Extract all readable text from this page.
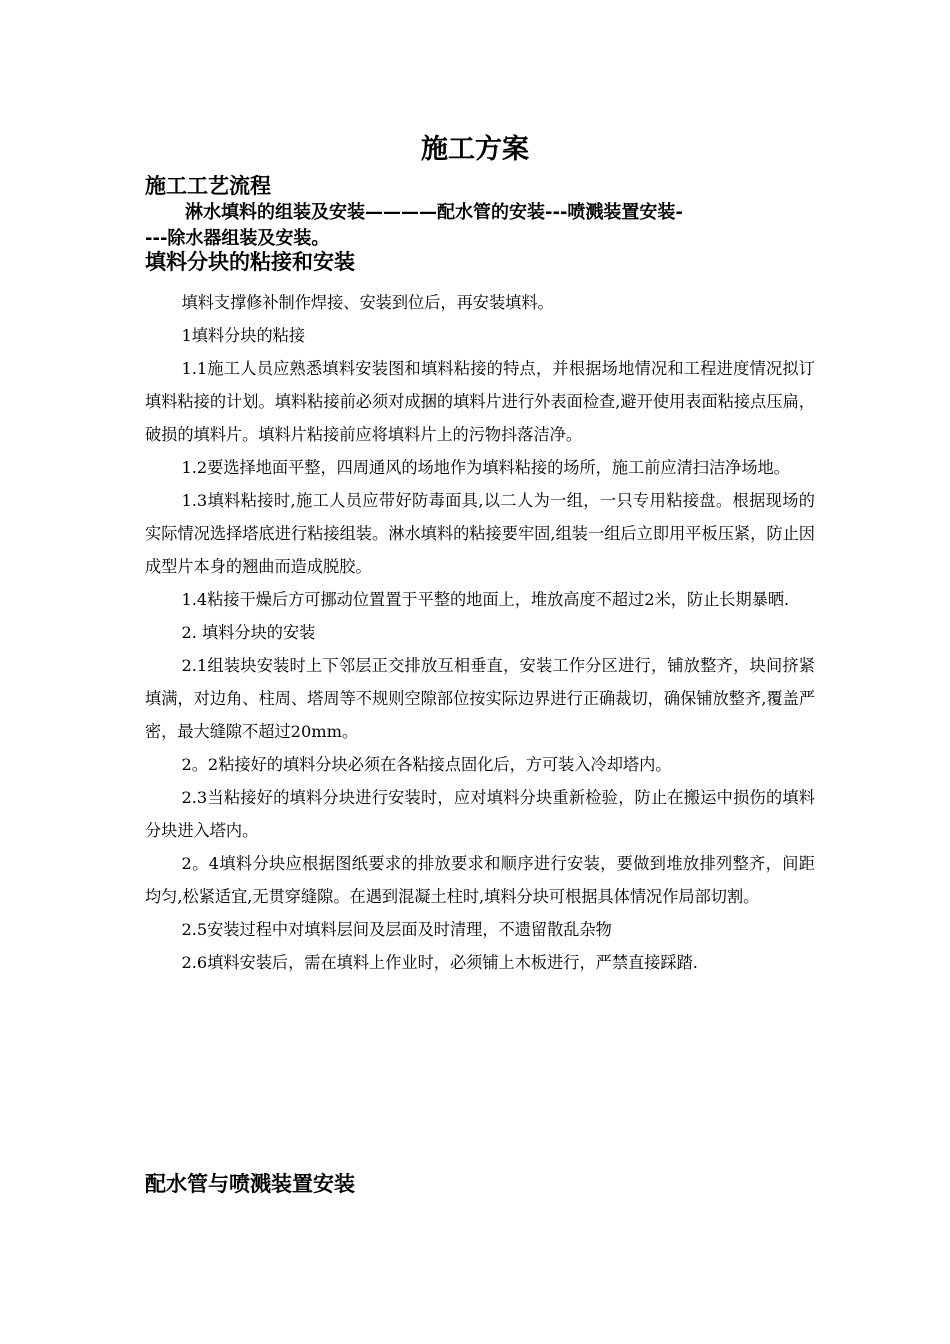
施工方案
施工工艺流程
淋水填料的组装及安装————配水管的安装---喷溅装置安装-
---除水器组装及安装。
填料分块的粘接和安装

填料支撑修补制作焊接、安装到位后，再安装填料。

1填料分块的粘接

1.1施工人员应熟悉填料安装图和填料粘接的特点，并根据场地情况和工程进度情况拟订填料粘接的计划。填料粘接前必须对成捆的填料片进行外表面检查,避开使用表面粘接点压扁，破损的填料片。填料片粘接前应将填料片上的污物抖落洁净。

1.2要选择地面平整，四周通风的场地作为填料粘接的场所，施工前应清扫洁净场地。

1.3填料粘接时,施工人员应带好防毒面具,以二人为一组，一只专用粘接盘。根据现场的实际情况选择塔底进行粘接组装。淋水填料的粘接要牢固,组装一组后立即用平板压紧，防止因成型片本身的翘曲而造成脱胶。

1.4粘接干燥后方可挪动位置置于平整的地面上，堆放高度不超过2米，防止长期暴晒.

2. 填料分块的安装

2.1组装块安装时上下邻层正交排放互相垂直，安装工作分区进行，铺放整齐，块间挤紧填满，对边角、柱周、塔周等不规则空隙部位按实际边界进行正确裁切，确保铺放整齐,覆盖严密，最大缝隙不超过20mm。

2。2粘接好的填料分块必须在各粘接点固化后，方可装入冷却塔内。

2.3当粘接好的填料分块进行安装时，应对填料分块重新检验，防止在搬运中损伤的填料分块进入塔内。

2。4填料分块应根据图纸要求的排放要求和顺序进行安装，要做到堆放排列整齐，间距均匀,松紧适宜,无贯穿缝隙。在遇到混凝土柱时,填料分块可根据具体情况作局部切割。

2.5安装过程中对填料层间及层面及时清理，不遗留散乱杂物

2.6填料安装后，需在填料上作业时，必须铺上木板进行，严禁直接踩踏.

配水管与喷溅装置安装
